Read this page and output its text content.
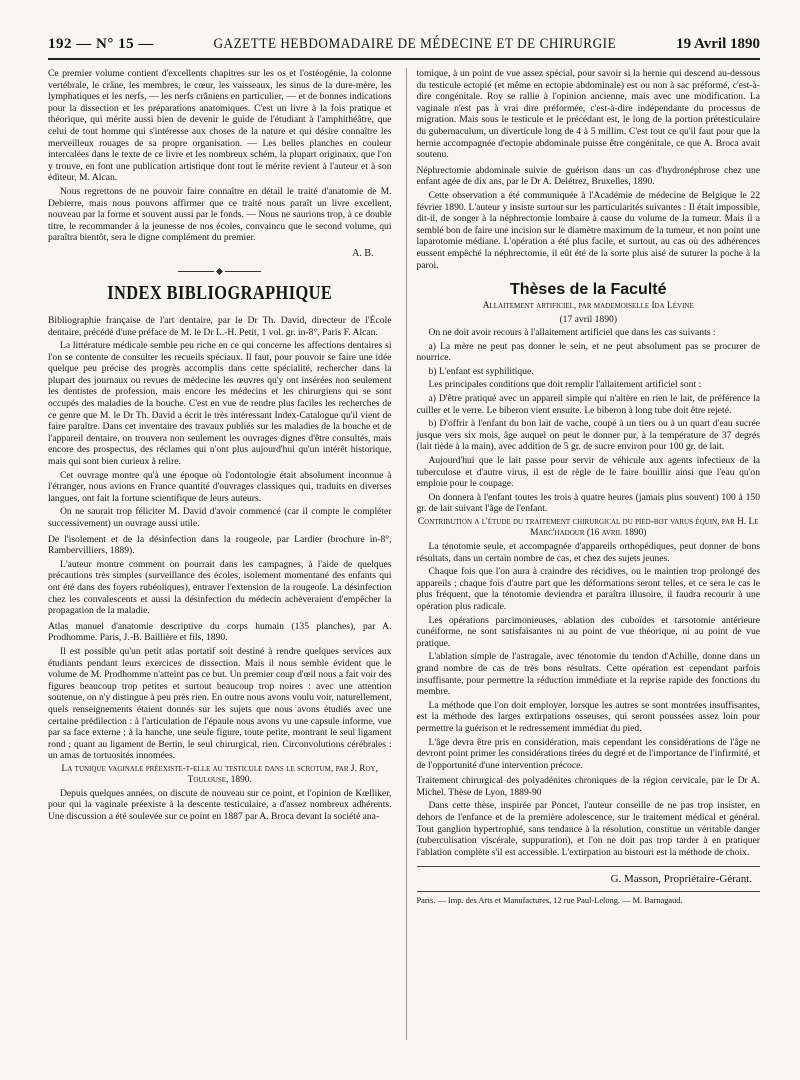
192 — N° 15 —	GAZETTE HEBDOMADAIRE DE MÉDECINE ET DE CHIRURGIE	19 Avril 1890

Ce premier volume contient d'excellents chapitres sur les os et l'ostéogénie, la colonne vertébrale, le crâne, les membres, le cœur, les vaisseaux, les sinus de la dure-mère, les lymphatiques et les nerfs, — les nerfs crâniens en particulier, — et de bonnes indications pour la dissection et les préparations anatomiques. C'est un livre à la fois pratique et théorique, qui mérite aussi bien de devenir le guide de l'étudiant à l'amphithéâtre, que celui de tout homme qui s'intéresse aux choses de la nature et qui désire connaître les merveilleux rouages de sa propre organisation. — Les belles planches en couleur intercalées dans le texte de ce livre et les nombreux schém, la plupart originaux, que l'on y trouve, en font une publication artistique dont tout le mérite revient à l'auteur et à son éditeur, M. Alcan.

Nous regrettons de ne pouvoir faire connaître en détail le traité d'anatomie de M. Debierre, mais nous pouvons affirmer que ce traité nous paraît un livre excellent, nouveau par la forme et souvent aussi par le fonds. — Nous ne saurions trop, à ce double titre, le recommander à la jeunesse de nos écoles, convaincu que le second volume, qui paraîtra bientôt, sera le digne complément du premier.

A. B.
INDEX BIBLIOGRAPHIQUE
Bibliographie française de l'art dentaire, par le Dr Th. David, directeur de l'École dentaire, précédé d'une préface de M. le Dr L.-H. Petit, 1 vol. gr. in-8°, Paris F. Alcan.

La littérature médicale semble peu riche en ce qui concerne les affections dentaires si l'on se contente de consulter les recueils spéciaux. Il faut, pour pouvoir se faire une idée quelque peu précise des progrès accomplis dans cette spécialité, rechercher dans la plupart des journaux ou revues de médecine les œuvres qu'y ont insérées non seulement les dentistes de profession, mais encore les médecins et les chirurgiens qui se sont occupés des maladies de la bouche. C'est en vue de rendre plus faciles les recherches de ce genre que M. le Dr Th. David a écrit le très intéressant Index-Catalogue qu'il vient de faire paraître. Dans cet inventaire des travaux publiés sur les maladies de la bouche et de l'appareil dentaire, on trouvera non seulement les ouvrages dignes d'être consultés, mais encore des prospectus, des réclames qui n'ont plus aujourd'hui qu'un intérêt historique, mais qui sont bien curieux à relire.

Cet ouvrage montre qu'à une époque où l'odontologie était absolument inconnue à l'étranger, nous avions en France quantité d'ouvrages classiques qui, traduits en diverses langues, ont fait la fortune scientifique de leurs auteurs.

On ne saurait trop féliciter M. David d'avoir commencé (car il compte le compléter successivement) un ouvrage aussi utile.

De l'isolement et de la désinfection dans la rougeole, par Lardier (brochure in-8°, Rambervilliers, 1889).

L'auteur montre comment on pourrait dans les campagnes, à l'aide de quelques précautions très simples (surveillance des écoles, isolement momentané des enfants qui ont été dans des foyers rubéoliques), entraver l'extension de la rougeole. La désinfection chez les convalescents et aussi la désinfection du médecin achèveraient d'empêcher la propagation de la maladie.

Atlas manuel d'anatomie descriptive du corps humain (135 planches), par A. Prodhomme. Paris, J.-B. Baillière et fils, 1890.

Il est possible qu'un petit atlas portatif soit destiné à rendre quelques services aux étudiants pendant leurs exercices de dissection. Mais il nous semble évident que le volume de M. Prodhomme n'atteint pas ce but. Un premier coup d'œil nous a fait voir des figures beaucoup trop petites et surtout beaucoup trop noires : avec une attention soutenue, on n'y distingue à peu près rien. En outre nous avons voulu voir, naturellement, quels renseignements étaient donnés sur les sujets que nous avons étudiés avec une certaine prédilection : à l'articulation de l'épaule nous avons vu une capsule informe, vue par sa face externe ; à la hanche, une seule figure, toute petite, montrant le seul ligament rond ; quant au ligament de Bertin, le seul chirurgical, rien. Circonvolutions cérébrales : un amas de tortuosités innomées.

La tunique vaginale préexiste-t-elle au testicule dans le scrotum, par J. Roy, Toulouse, 1890.

Depuis quelques années, on discute de nouveau sur ce point, et l'opinion de Kœlliker, pour qui la vaginale préexiste à la descente testiculaire, a d'assez nombreux adhérents. Une discussion a été soulevée sur ce point en 1887 par A. Broca devant la société ana-

tomique, à un point de vue assez spécial, pour savoir si la hernie qui descend au-dessous du testicule ectopié (et même en ectopie abdominale) est ou non à sac préformé, c'est-à-dire congénitale. Roy se rallie à l'opinion ancienne, mais avec une modification. La vaginale n'est pas à vrai dire préformée, c'est-à-dire indépendante du processus de migration. Mais sous le testicule et le précédant est, le long de la portion prétesticulaire du gubernaculum, un diverticule long de 4 à 5 millim. C'est tout ce qu'il faut pour que la hernie accompagnée d'ectopie abdominale puisse être congénitale, ce que A. Broca avait soutenu.

Néphrectomie abdominale suivie de guérison dans un cas d'hydronéphrose chez une enfant agée de dix ans, par le Dr A. Delétrez, Bruxelles, 1890.

Cette observation a été communiquée à l'Académie de médecine de Belgique le 22 février 1890. L'auteur y insiste surtout sur les particularités suivantes : Il était impossible, dit-il, de songer à la néphrectomie lombaire à cause du volume de la tumeur. Mais il a semblé bon de faire une incision sur le diamètre maximum de la tumeur, et non point une laparotomie médiane. L'opération a été plus facile, et surtout, au cas où des adhérences eussent empêché la néphrectomie, il eût été de la sorte plus aisé de suturer la poche à la paroi.

Thèses de la Faculté
Allaitement artificiel, par mademoiselle Ida Lévine
(17 avril 1890)

On ne doit avoir recours à l'allaitement artificiel que dans les cas suivants :

a) La mère ne peut pas donner le sein, et ne peut absolument pas se procurer de nourrice.

b) L'enfant est syphilitique.

Les principales conditions que doit remplir l'allaitement artificiel sont :

a) D'être pratiqué avec un appareil simple qui n'altère en rien le lait, de préférence la cuiller et le verre. Le biberon vient ensuite. Le biberon à long tube doit être rejeté.

b) D'offrir à l'enfant du bon lait de vache, coupé à un tiers ou à un quart d'eau sucrée jusque vers six mois, âge auquel on peut le donner pur, à la température de 37 degrés (lait tiède à la main), avec addition de 5 gr. de sucre environ pour 100 gr. de lait.

Aujourd'hui que le lait passe pour servir de véhicule aux agents infectieux de la tuberculose et d'autre virus, il est de règle de le faire bouillir ainsi que l'eau qu'on emploie pour le coupage.

On donnera à l'enfant toutes les trois à quatre heures (jamais plus souvent) 100 à 150 gr. de lait suivant l'âge de l'enfant.

Contribution a l'étude du traitement chirurgical du pied-bot varus équin, par H. Le Marc'hadour (16 avril 1890)

La ténotomie seule, et accompagnée d'appareils orthopédiques, peut donner de bons résultats, dans un certain nombre de cas, et chez des sujets jeunes.

Chaque fois que l'on aura à craindre des récidives, ou le maintien trop prolongé des appareils ; chaque fois d'autre part que les déformations seront telles, et ce sera le cas le plus fréquent, que la ténotomie deviendra et paraîtra illusoire, il faudra recourir à une opération plus radicale.

Les opérations parcimonieuses, ablation des cuboïdes et tarsotomie antérieure cunéiforme, ne sont satisfaisantes ni au point de vue théorique, ni au point de vue pratique.

L'ablation simple de l'astragale, avec ténotomie du tendon d'Achille, donne dans un grand nombre de cas de très bons résultats. Cette opération est cependant parfois insuffisante, pour permettre la réduction immédiate et la reprise rapide des fonctions du membre.

La méthode que l'on doit employer, lorsque les autres se sont montrées insuffisantes, est la méthode des larges extirpations osseuses, qui seront poussées assez loin pour permettre la guérison et le redressement immédiat du pied.

L'âge devra être pris en considération, mais cependant les considérations de l'âge ne devront point primer les considérations tirées du degré et de l'importance de l'infirmité, et de l'opportunité d'une intervention précoce.

Traitement chirurgical des polyadénites chroniques de la région cervicale, par le Dr A. Michel. Thèse de Lyon, 1889-90

Dans cette thèse, inspirée par Poncet, l'auteur conseille de ne pas trop insister, en dehors de l'enfance et de la première adolescence, sur le traitement médical et général. Tout ganglion hypertrophié, sans tendance à la résolution, constitue un véritable danger (tuberculisation viscérale, suppuration), et l'on ne doit pas trop tarder à en pratiquer l'ablation complète s'il est accessible. L'extirpation au bistouri est la méthode de choix.

G. Masson, Propriétaire-Gérant.
Paris. — Imp. des Arts et Manufactures, 12 rue Paul-Lelong. — M. Barnagaud.
